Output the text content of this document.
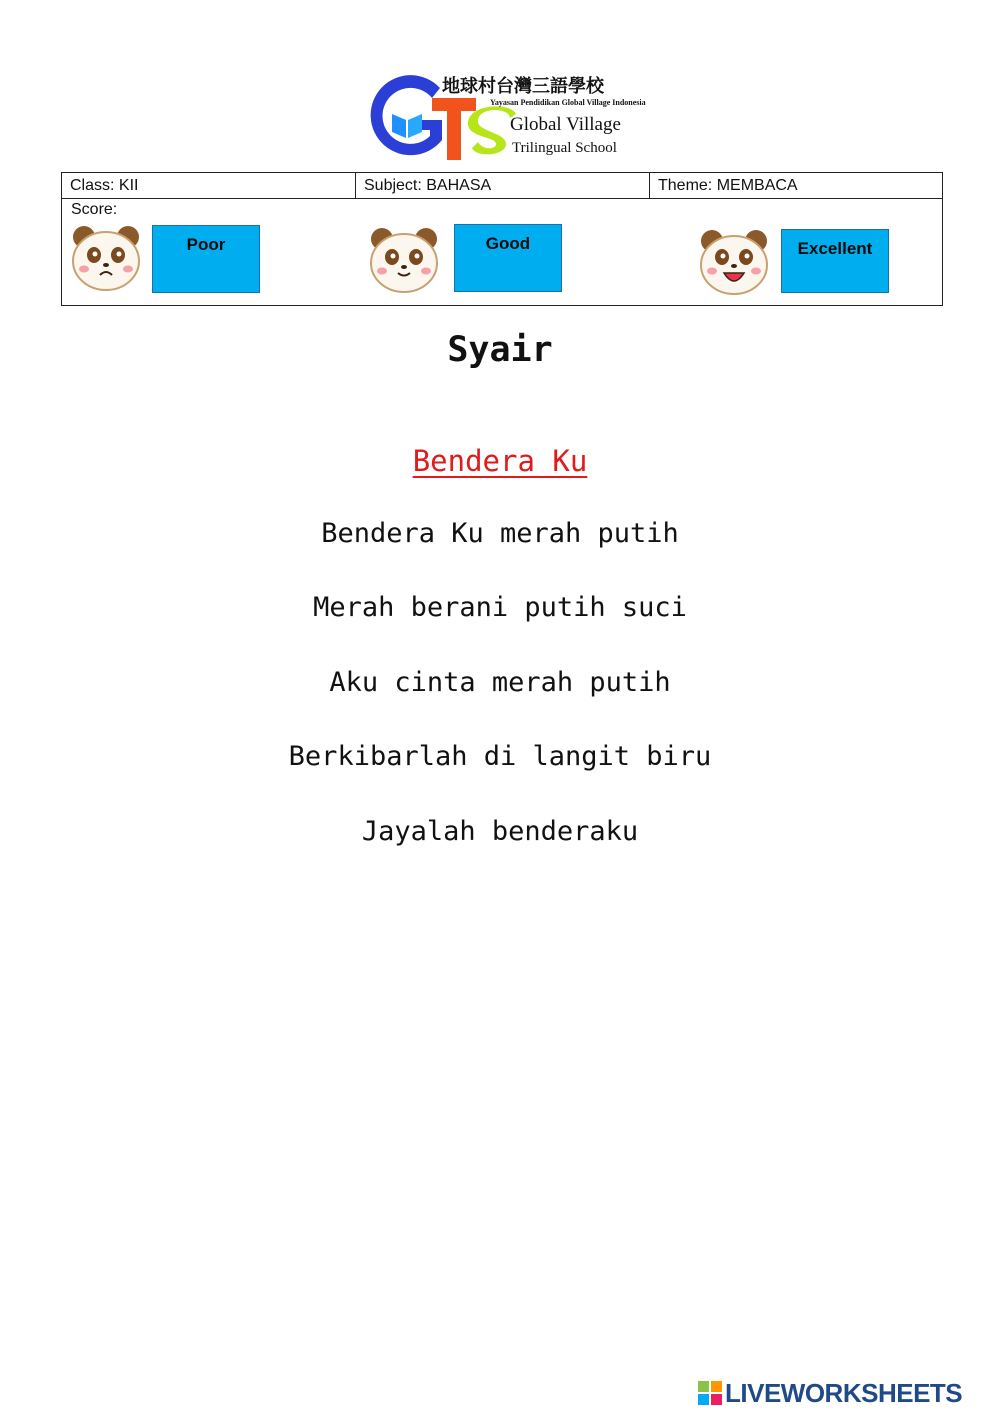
地球村台灣三語學校
Yayasan Pendidikan Global Village Indonesia
Global Village
Trilingual School
Class: KII	Subject: BAHASA	Theme: MEMBACA
Score:
Poor	Good	Excellent
Syair
Bendera Ku
Bendera Ku merah putih
Merah berani putih suci
Aku cinta merah putih
Berkibarlah di langit biru
Jayalah benderaku
LIVEWORKSHEETS
